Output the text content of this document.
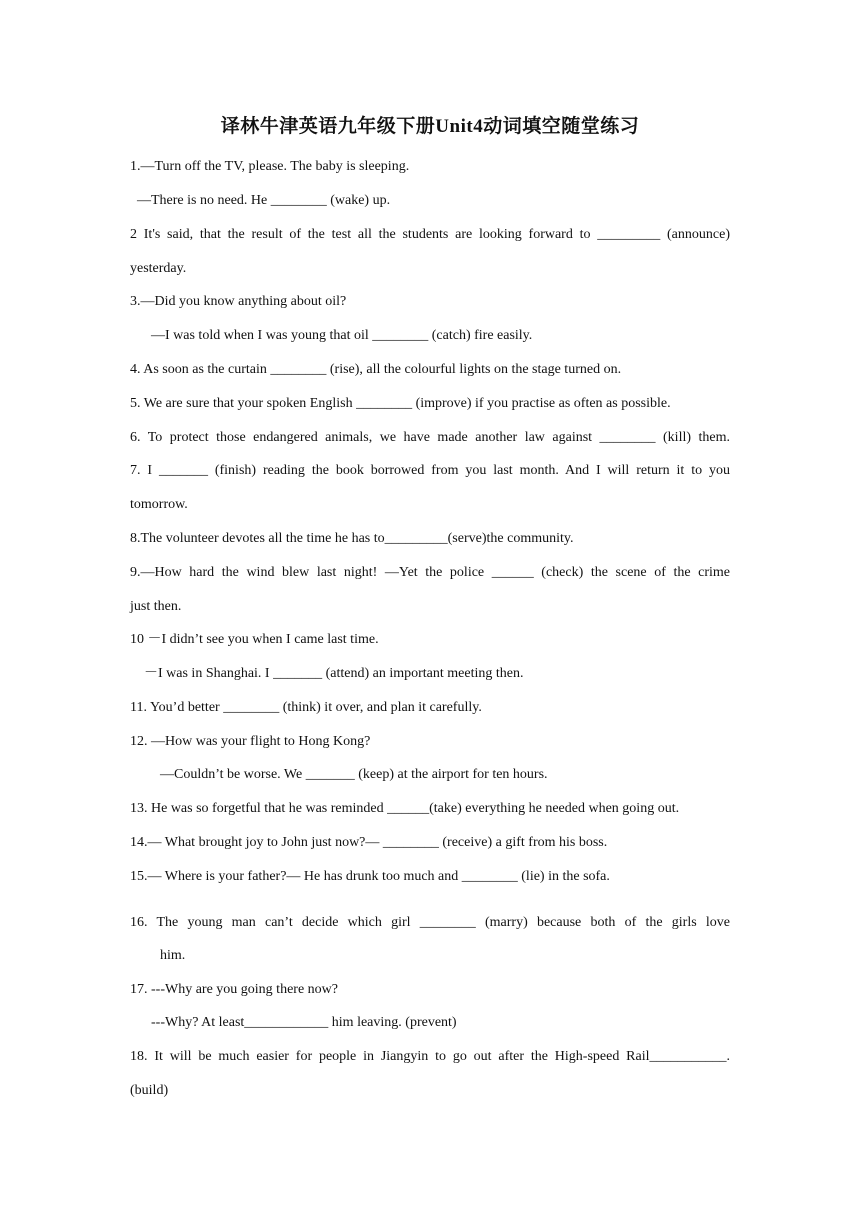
译林牛津英语九年级下册Unit4动词填空随堂练习
1.—Turn off the TV, please. The baby is sleeping.
—There is no need. He ________ (wake) up.
2 It's said, that the result of the test all the students are looking forward to _________ (announce)
yesterday.
3.—Did you know anything about oil?
—I was told when I was young that oil ________ (catch) fire easily.
4. As soon as the curtain ________ (rise), all the colourful lights on the stage turned on.
5. We are sure that your spoken English ________ (improve) if you practise as often as possible.
6. To protect those endangered animals, we have made another law against ________ (kill) them.
7. I _______ (finish) reading the book borrowed from you last month. And I will return it to you
tomorrow.
8.The volunteer devotes all the time he has to_________(serve)the community.
9.—How hard the wind blew last night! —Yet the police ______ (check) the scene of the crime
just then.
10 －I didn’t see you when I came last time.
－I was in Shanghai. I _______ (attend) an important meeting then.
11. You’d better ________ (think) it over, and plan it carefully.
12. —How was your flight to Hong Kong?
—Couldn’t be worse. We _______ (keep) at the airport for ten hours.
13. He was so forgetful that he was reminded ______(take) everything he needed when going out.
14.— What brought joy to John just now?— ________ (receive) a gift from his boss.
15.— Where is your father?— He has drunk too much and ________ (lie) in the sofa.
16. The young man can’t decide which girl ________ (marry) because both of the girls love
him.
17. ---Why are you going there now?
---Why? At least____________ him leaving. (prevent)
18. It will be much easier for people in Jiangyin to go out after the High-speed Rail___________.
(build)
